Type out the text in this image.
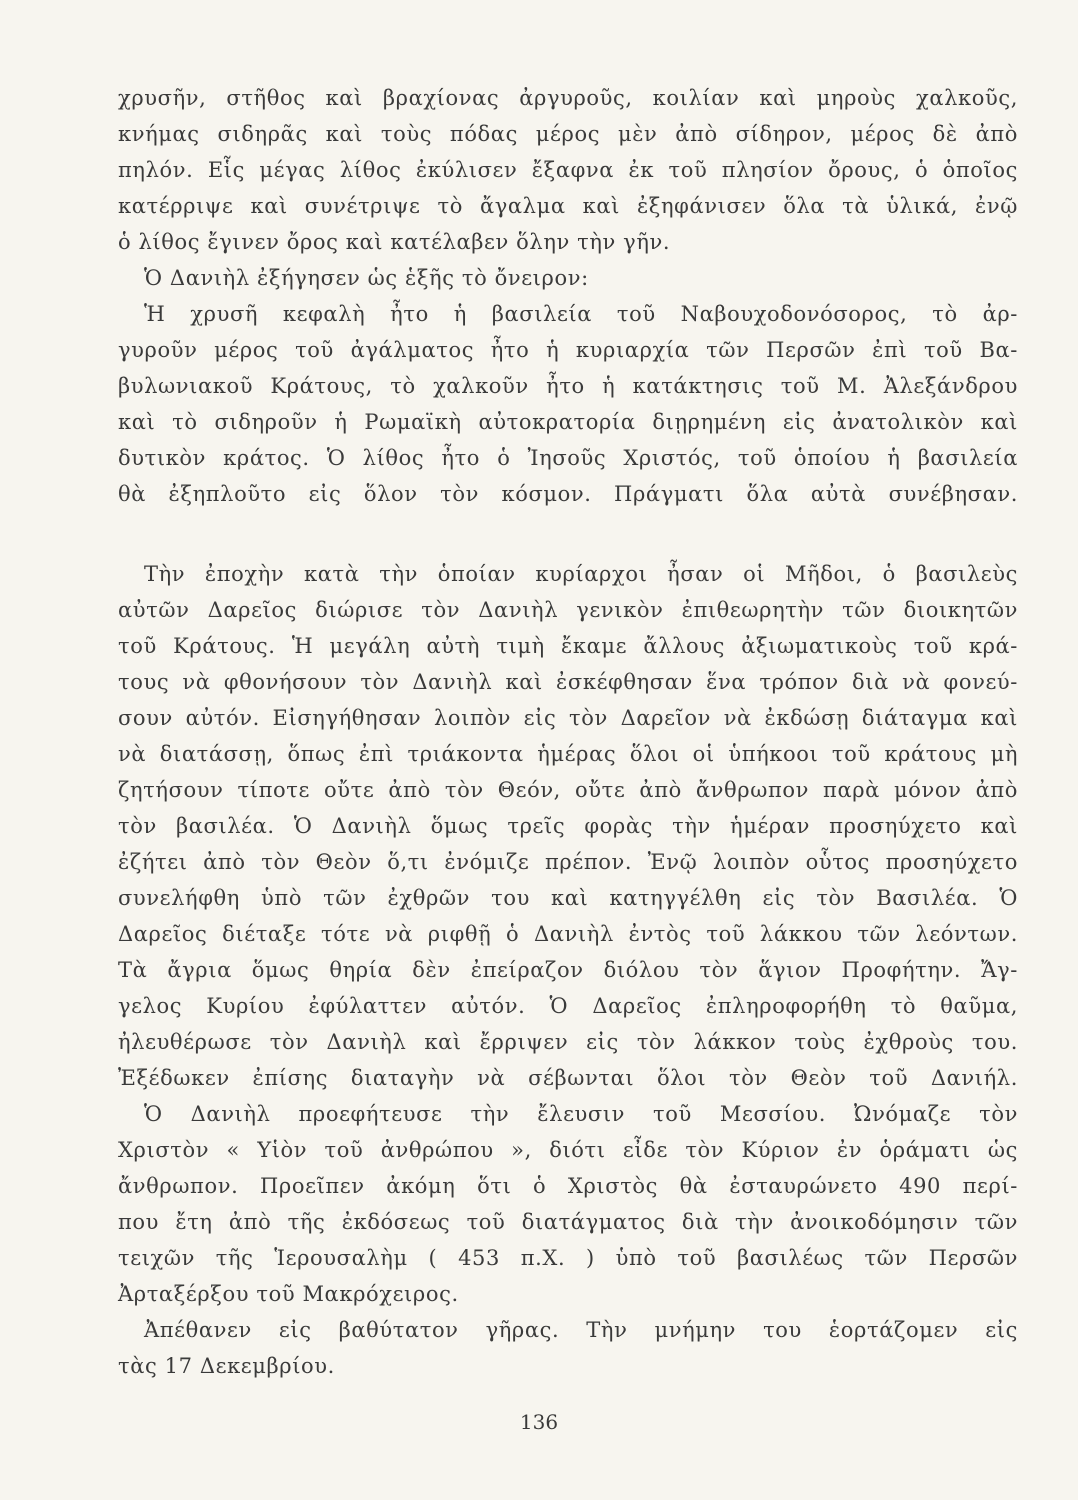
χρυσῆν, στῆθος καὶ βραχίονας ἀργυροῦς, κοιλίαν καὶ μηροὺς χαλκοῦς,
κνήμας σιδηρᾶς καὶ τοὺς πόδας μέρος μὲν ἀπὸ σίδηρον, μέρος δὲ ἀπὸ
πηλόν. Εἷς μέγας λίθος ἐκύλισεν ἔξαφνα ἐκ τοῦ πλησίον ὄρους, ὁ ὁποῖος
κατέρριψε καὶ συνέτριψε τὸ ἄγαλμα καὶ ἐξηφάνισεν ὅλα τὰ ὑλικά, ἐνῷ
ὁ λίθος ἔγινεν ὄρος καὶ κατέλαβεν ὅλην τὴν γῆν.
Ὁ Δανιὴλ ἐξήγησεν ὡς ἑξῆς τὸ ὄνειρον:
Ἡ χρυσῆ κεφαλὴ ἦτο ἡ βασιλεία τοῦ Ναβουχοδονόσορος, τὸ ἀρ-
γυροῦν μέρος τοῦ ἀγάλματος ἦτο ἡ κυριαρχία τῶν Περσῶν ἐπὶ τοῦ Βα-
βυλωνιακοῦ Κράτους, τὸ χαλκοῦν ἦτο ἡ κατάκτησις τοῦ Μ. Ἀλεξάνδρου
καὶ τὸ σιδηροῦν ἡ Ρωμαϊκὴ αὐτοκρατορία διῃρημένη εἰς ἀνατολικὸν καὶ
δυτικὸν κράτος. Ὁ λίθος ἦτο ὁ Ἰησοῦς Χριστός, τοῦ ὁποίου ἡ βασιλεία
θὰ ἐξηπλοῦτο εἰς ὅλον τὸν κόσμον. Πράγματι ὅλα αὐτὰ συνέβησαν.
Τὴν ἐποχὴν κατὰ τὴν ὁποίαν κυρίαρχοι ἦσαν οἱ Μῆδοι, ὁ βασιλεὺς
αὐτῶν Δαρεῖος διώρισε τὸν Δανιὴλ γενικὸν ἐπιθεωρητὴν τῶν διοικητῶν
τοῦ Κράτους. Ἡ μεγάλη αὐτὴ τιμὴ ἔκαμε ἄλλους ἀξιωματικοὺς τοῦ κρά-
τους νὰ φθονήσουν τὸν Δανιὴλ καὶ ἐσκέφθησαν ἕνα τρόπον διὰ νὰ φονεύ-
σουν αὐτόν. Εἰσηγήθησαν λοιπὸν εἰς τὸν Δαρεῖον νὰ ἐκδώσῃ διάταγμα καὶ
νὰ διατάσσῃ, ὅπως ἐπὶ τριάκοντα ἡμέρας ὅλοι οἱ ὑπήκοοι τοῦ κράτους μὴ
ζητήσουν τίποτε οὔτε ἀπὸ τὸν Θεόν, οὔτε ἀπὸ ἄνθρωπον παρὰ μόνον ἀπὸ
τὸν βασιλέα. Ὁ Δανιὴλ ὅμως τρεῖς φορὰς τὴν ἡμέραν προσηύχετο καὶ
ἐζήτει ἀπὸ τὸν Θεὸν ὅ,τι ἐνόμιζε πρέπον. Ἐνῷ λοιπὸν οὗτος προσηύχετο
συνελήφθη ὑπὸ τῶν ἐχθρῶν του καὶ κατηγγέλθη εἰς τὸν Βασιλέα. Ὁ
Δαρεῖος διέταξε τότε νὰ ριφθῇ ὁ Δανιὴλ ἐντὸς τοῦ λάκκου τῶν λεόντων.
Τὰ ἄγρια ὅμως θηρία δὲν ἐπείραζον διόλου τὸν ἅγιον Προφήτην. Ἄγ-
γελος Κυρίου ἐφύλαττεν αὐτόν. Ὁ Δαρεῖος ἐπληροφορήθη τὸ θαῦμα,
ἠλευθέρωσε τὸν Δανιὴλ καὶ ἔρριψεν εἰς τὸν λάκκον τοὺς ἐχθροὺς του.
Ἐξέδωκεν ἐπίσης διαταγὴν νὰ σέβωνται ὅλοι τὸν Θεὸν τοῦ Δανιήλ.
Ὁ Δανιὴλ προεφήτευσε τὴν ἔλευσιν τοῦ Μεσσίου. Ὠνόμαζε τὸν
Χριστὸν « Υἱὸν τοῦ ἀνθρώπου », διότι εἶδε τὸν Κύριον ἐν ὁράματι ὡς
ἄνθρωπον. Προεῖπεν ἀκόμη ὅτι ὁ Χριστὸς θὰ ἐσταυρώνετο 490 περί-
που ἔτη ἀπὸ τῆς ἐκδόσεως τοῦ διατάγματος διὰ τὴν ἀνοικοδόμησιν τῶν
τειχῶν τῆς Ἱερουσαλὴμ ( 453 π.Χ. ) ὑπὸ τοῦ βασιλέως τῶν Περσῶν
Ἀρταξέρξου τοῦ Μακρόχειρος.
Ἀπέθανεν εἰς βαθύτατον γῆρας. Τὴν μνήμην του ἑορτάζομεν εἰς
τὰς 17 Δεκεμβρίου.
136
